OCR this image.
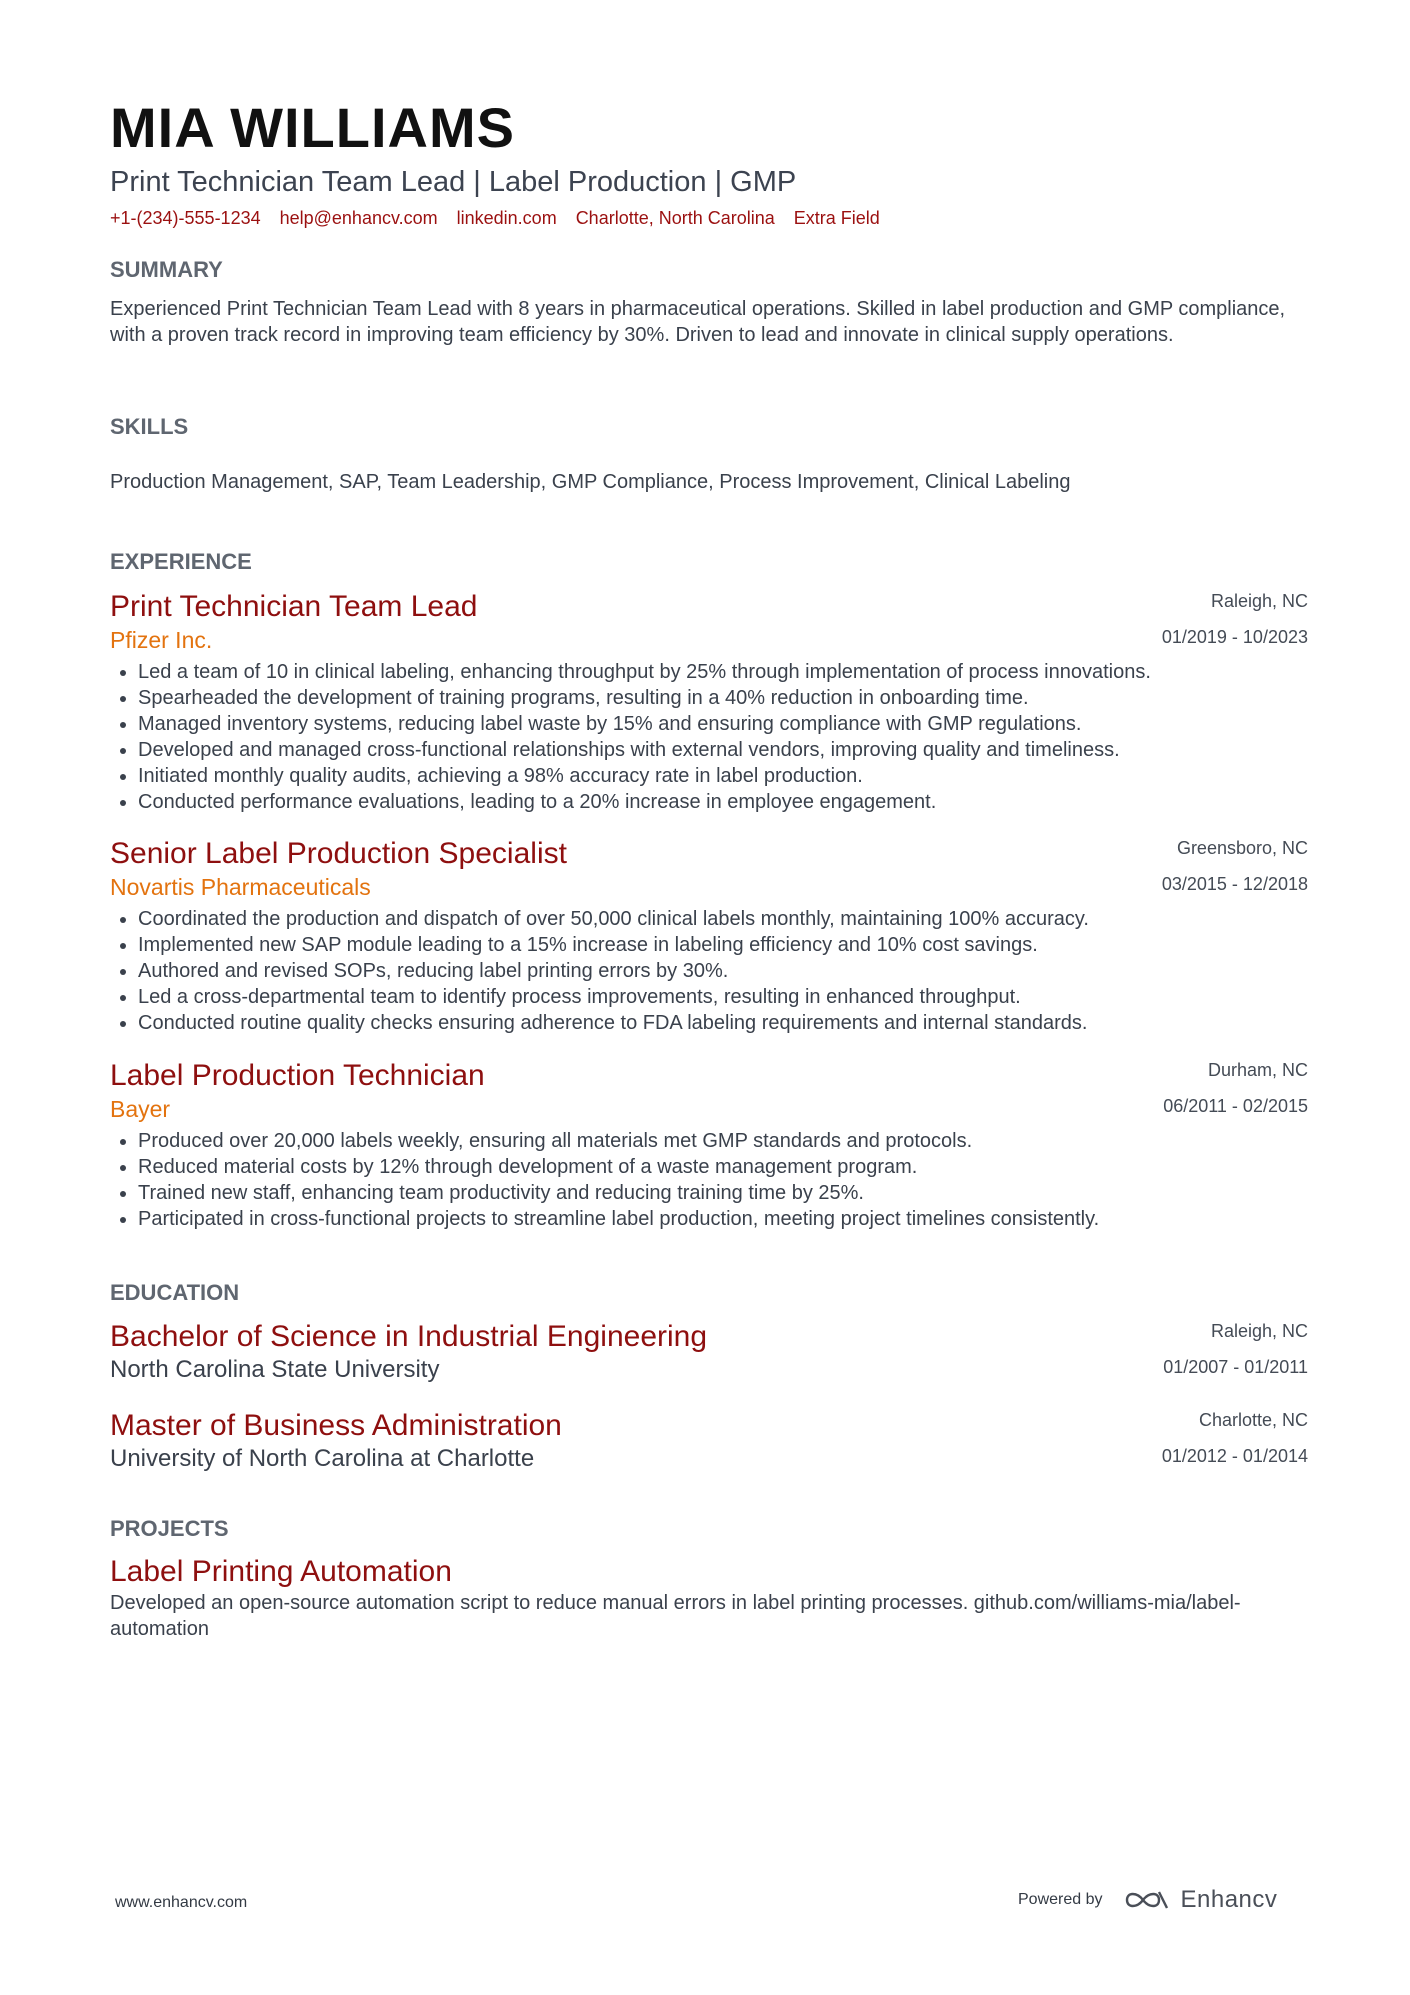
MIA WILLIAMS
Print Technician Team Lead | Label Production | GMP
+1-(234)-555-1234 help@enhancv.com linkedin.com Charlotte, North Carolina Extra Field
SUMMARY
Experienced Print Technician Team Lead with 8 years in pharmaceutical operations. Skilled in label production and GMP compliance, with a proven track record in improving team efficiency by 30%. Driven to lead and innovate in clinical supply operations.
SKILLS
Production Management, SAP, Team Leadership, GMP Compliance, Process Improvement, Clinical Labeling
EXPERIENCE
Print Technician Team Lead
Pfizer Inc.
Raleigh, NC
01/2019 - 10/2023
• Led a team of 10 in clinical labeling, enhancing throughput by 25% through implementation of process innovations.
• Spearheaded the development of training programs, resulting in a 40% reduction in onboarding time.
• Managed inventory systems, reducing label waste by 15% and ensuring compliance with GMP regulations.
• Developed and managed cross-functional relationships with external vendors, improving quality and timeliness.
• Initiated monthly quality audits, achieving a 98% accuracy rate in label production.
• Conducted performance evaluations, leading to a 20% increase in employee engagement.
Senior Label Production Specialist
Novartis Pharmaceuticals
Greensboro, NC
03/2015 - 12/2018
• Coordinated the production and dispatch of over 50,000 clinical labels monthly, maintaining 100% accuracy.
• Implemented new SAP module leading to a 15% increase in labeling efficiency and 10% cost savings.
• Authored and revised SOPs, reducing label printing errors by 30%.
• Led a cross-departmental team to identify process improvements, resulting in enhanced throughput.
• Conducted routine quality checks ensuring adherence to FDA labeling requirements and internal standards.
Label Production Technician
Bayer
Durham, NC
06/2011 - 02/2015
• Produced over 20,000 labels weekly, ensuring all materials met GMP standards and protocols.
• Reduced material costs by 12% through development of a waste management program.
• Trained new staff, enhancing team productivity and reducing training time by 25%.
• Participated in cross-functional projects to streamline label production, meeting project timelines consistently.
EDUCATION
Bachelor of Science in Industrial Engineering
North Carolina State University
Raleigh, NC
01/2007 - 01/2011
Master of Business Administration
University of North Carolina at Charlotte
Charlotte, NC
01/2012 - 01/2014
PROJECTS
Label Printing Automation
Developed an open-source automation script to reduce manual errors in label printing processes. github.com/williams-mia/label-automation
www.enhancv.com	Powered by	Enhancv
